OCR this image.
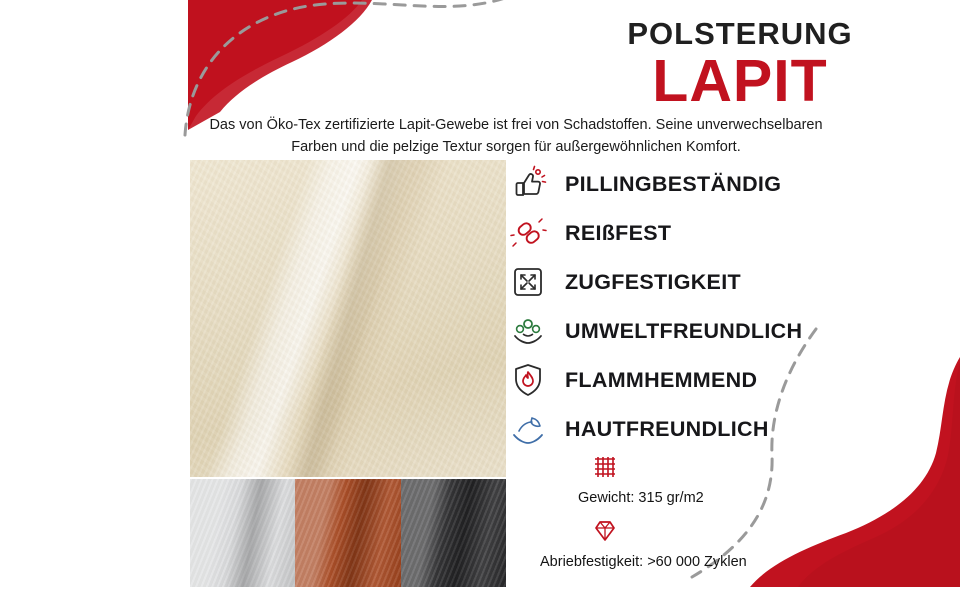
POLSTERUNG
LAPIT
Das von Öko-Tex zertifizierte Lapit-Gewebe ist frei von Schadstoffen. Seine unverwechselbaren Farben und die pelzige Textur sorgen für außergewöhnlichen Komfort.
PILLINGBESTÄNDIG
REIßFEST
ZUGFESTIGKEIT
UMWELTFREUNDLICH
FLAMMHEMMEND
HAUTFREUNDLICH
Gewicht: 315 gr/m2
Abriebfestigkeit: >60 000 Zyklen
